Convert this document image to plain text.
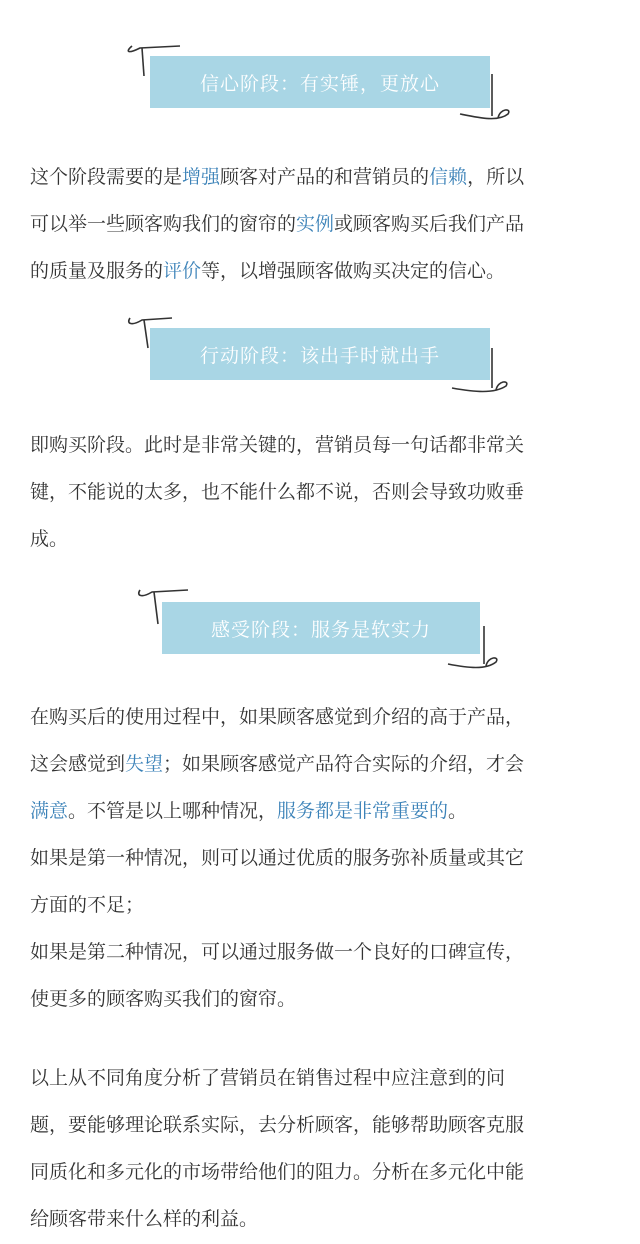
信心阶段：有实锤，更放心
这个阶段需要的是增强顾客对产品的和营销员的信赖，所以
可以举一些顾客购我们的窗帘的实例或顾客购买后我们产品
的质量及服务的评价等，以增强顾客做购买决定的信心。
行动阶段：该出手时就出手
即购买阶段。此时是非常关键的，营销员每一句话都非常关
键，不能说的太多，也不能什么都不说，否则会导致功败垂
成。
感受阶段：服务是软实力
在购买后的使用过程中，如果顾客感觉到介绍的高于产品，
这会感觉到失望；如果顾客感觉产品符合实际的介绍，才会
满意。不管是以上哪种情况，服务都是非常重要的。
如果是第一种情况，则可以通过优质的服务弥补质量或其它
方面的不足；
如果是第二种情况，可以通过服务做一个良好的口碑宣传，
使更多的顾客购买我们的窗帘。
以上从不同角度分析了营销员在销售过程中应注意到的问
题，要能够理论联系实际，去分析顾客，能够帮助顾客克服
同质化和多元化的市场带给他们的阻力。分析在多元化中能
给顾客带来什么样的利益。
